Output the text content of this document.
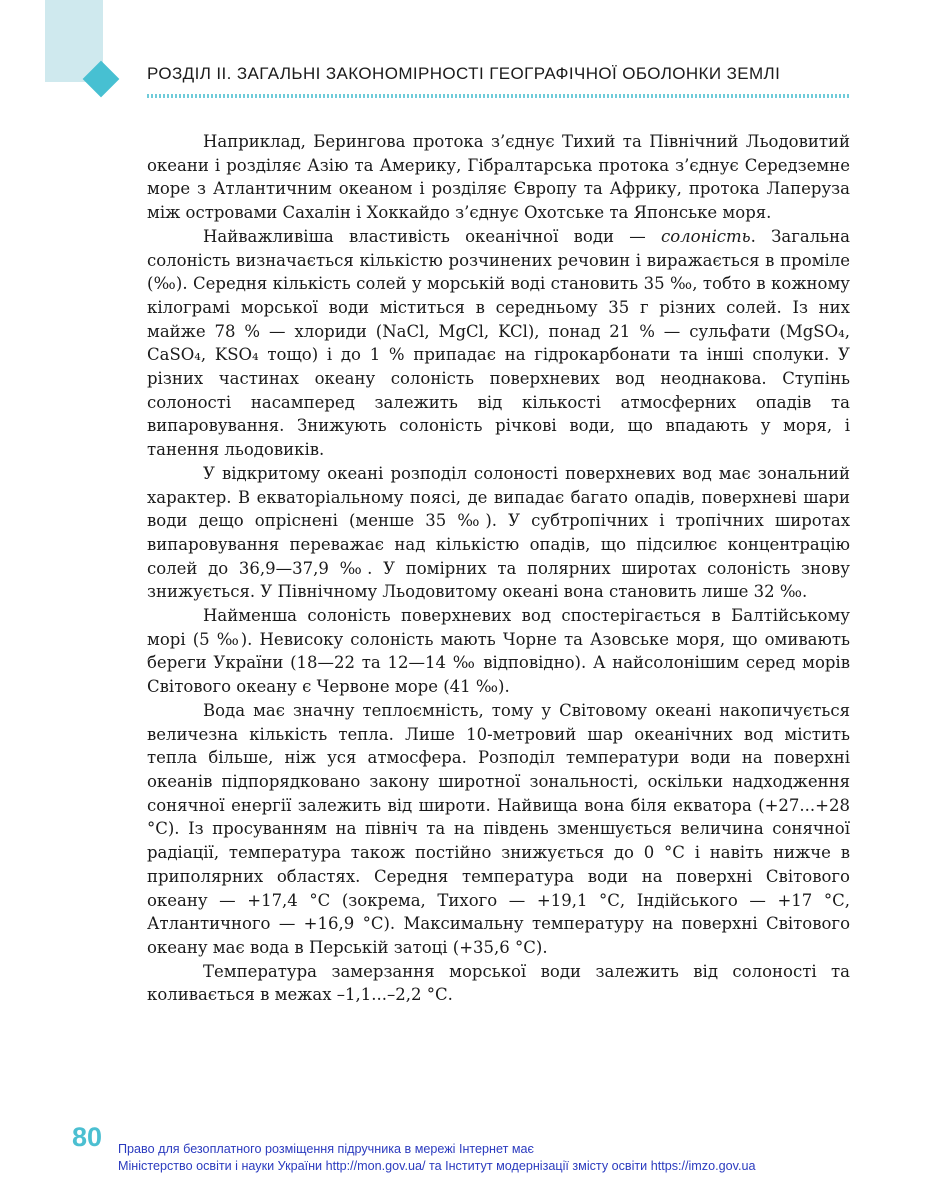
РОЗДІЛ ІІ. ЗАГАЛЬНІ ЗАКОНОМІРНОСТІ ГЕОГРАФІЧНОЇ ОБОЛОНКИ ЗЕМЛІ

Наприклад, Берингова протока з’єднує Тихий та Північний Льодовитий океани і розділяє Азію та Америку, Гібралтарська протока з’єднує Середземне море з Атлантичним океаном і розділяє Європу та Африку, протока Лаперуза між островами Сахалін і Хоккайдо з’єднує Охотське та Японське моря.

Найважливіша властивість океанічної води — солоність. Загальна солоність визначається кількістю розчинених речовин і виражається в проміле (‰). Середня кількість солей у морській воді становить 35 ‰, тобто в кожному кілограмі морської води міститься в середньому 35 г різних солей. Із них майже 78 % — хлориди (NaCl, MgCl, KCl), понад 21 % — сульфати (MgSO₄, CaSO₄, KSO₄ тощо) і до 1 % припадає на гідрокарбонати та інші сполуки. У різних частинах океану солоність поверхневих вод неоднакова. Ступінь солоності насамперед залежить від кількості атмосферних опадів та випаровування. Знижують солоність річкові води, що впадають у моря, і танення льодовиків.

У відкритому океані розподіл солоності поверхневих вод має зональний характер. В екваторіальному поясі, де випадає багато опадів, поверхневі шари води дещо опріснені (менше 35 ‰). У субтропічних і тропічних широтах випаровування переважає над кількістю опадів, що підсилює концентрацію солей до 36,9—37,9 ‰. У помірних та полярних широтах солоність знову знижується. У Північному Льодовитому океані вона становить лише 32 ‰.

Найменша солоність поверхневих вод спостерігається в Балтійському морі (5 ‰). Невисоку солоність мають Чорне та Азовське моря, що омивають береги України (18—22 та 12—14 ‰ відповідно). А найсолонішим серед морів Світового океану є Червоне море (41 ‰).

Вода має значну теплоємність, тому у Світовому океані накопичується величезна кількість тепла. Лише 10-метровий шар океанічних вод містить тепла більше, ніж уся атмосфера. Розподіл температури води на поверхні океанів підпорядковано закону широтної зональності, оскільки надходження сонячної енергії залежить від широти. Найвища вона біля екватора (+27...+28 °С). Із просуванням на північ та на південь зменшується величина сонячної радіації, температура також постійно знижується до 0 °С і навіть нижче в приполярних областях. Середня температура води на поверхні Світового океану — +17,4 °С (зокрема, Тихого — +19,1 °С, Індійського — +17 °С, Атлантичного — +16,9 °С). Максимальну температуру на поверхні Світового океану має вода в Перській затоці (+35,6 °С).

Температура замерзання морської води залежить від солоності та коливається в межах –1,1...–2,2 °С.

80 Право для безоплатного розміщення підручника в мережі Інтернет має
Міністерство освіти і науки України http://mon.gov.ua/ та Інститут модернізації змісту освіти https://imzo.gov.ua
